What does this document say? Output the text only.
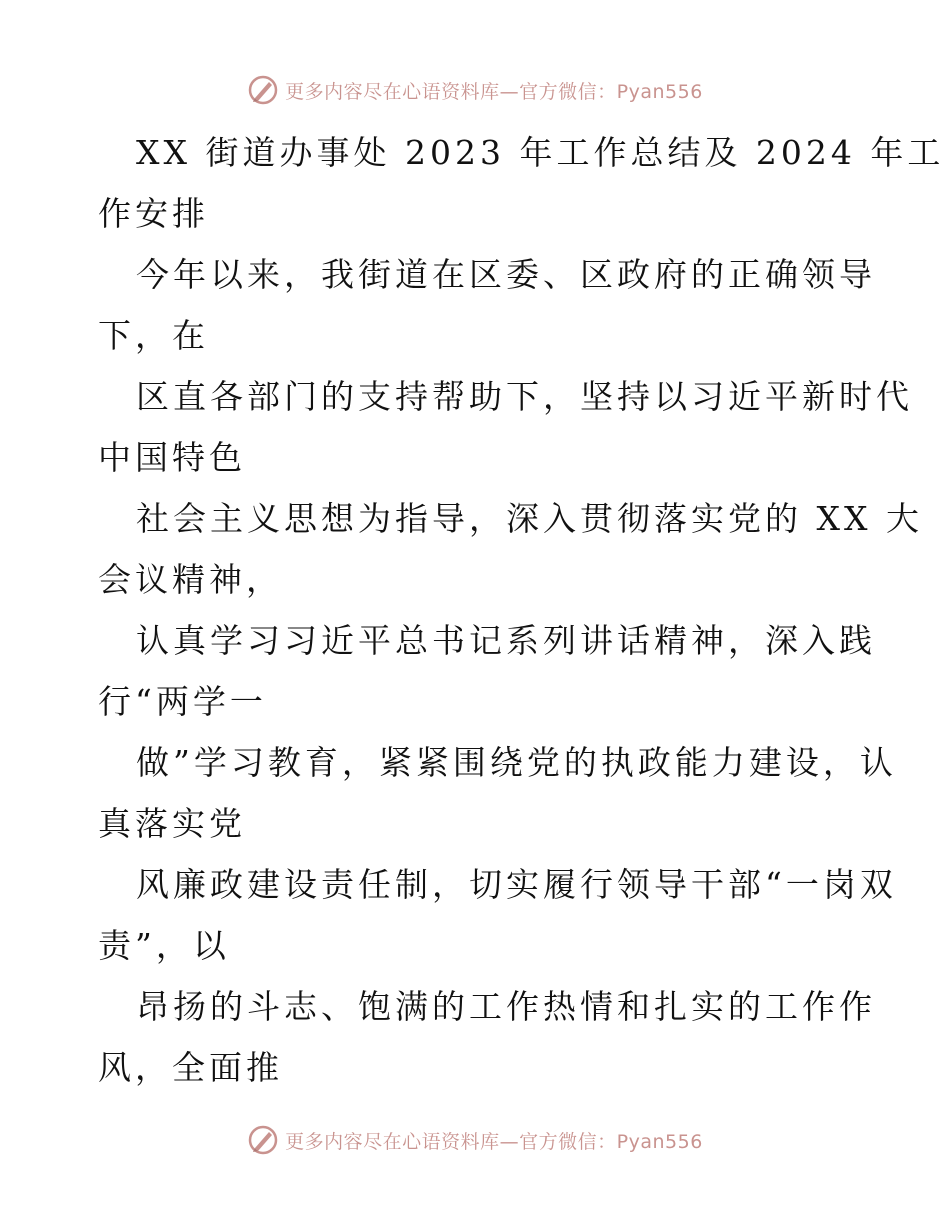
更多内容尽在心语资料库—官方微信：Pyan556
XX 街道办事处 2023 年工作总结及 2024 年工
作安排
今年以来，我街道在区委、区政府的正确领导
下，在
区直各部门的支持帮助下，坚持以习近平新时代
中国特色
社会主义思想为指导，深入贯彻落实党的 XX 大
会议精神，
认真学习习近平总书记系列讲话精神，深入践
行“两学一
做”学习教育，紧紧围绕党的执政能力建设，认
真落实党
风廉政建设责任制，切实履行领导干部“一岗双
责”，以
昂扬的斗志、饱满的工作热情和扎实的工作作
风，全面推
更多内容尽在心语资料库—官方微信：Pyan556
